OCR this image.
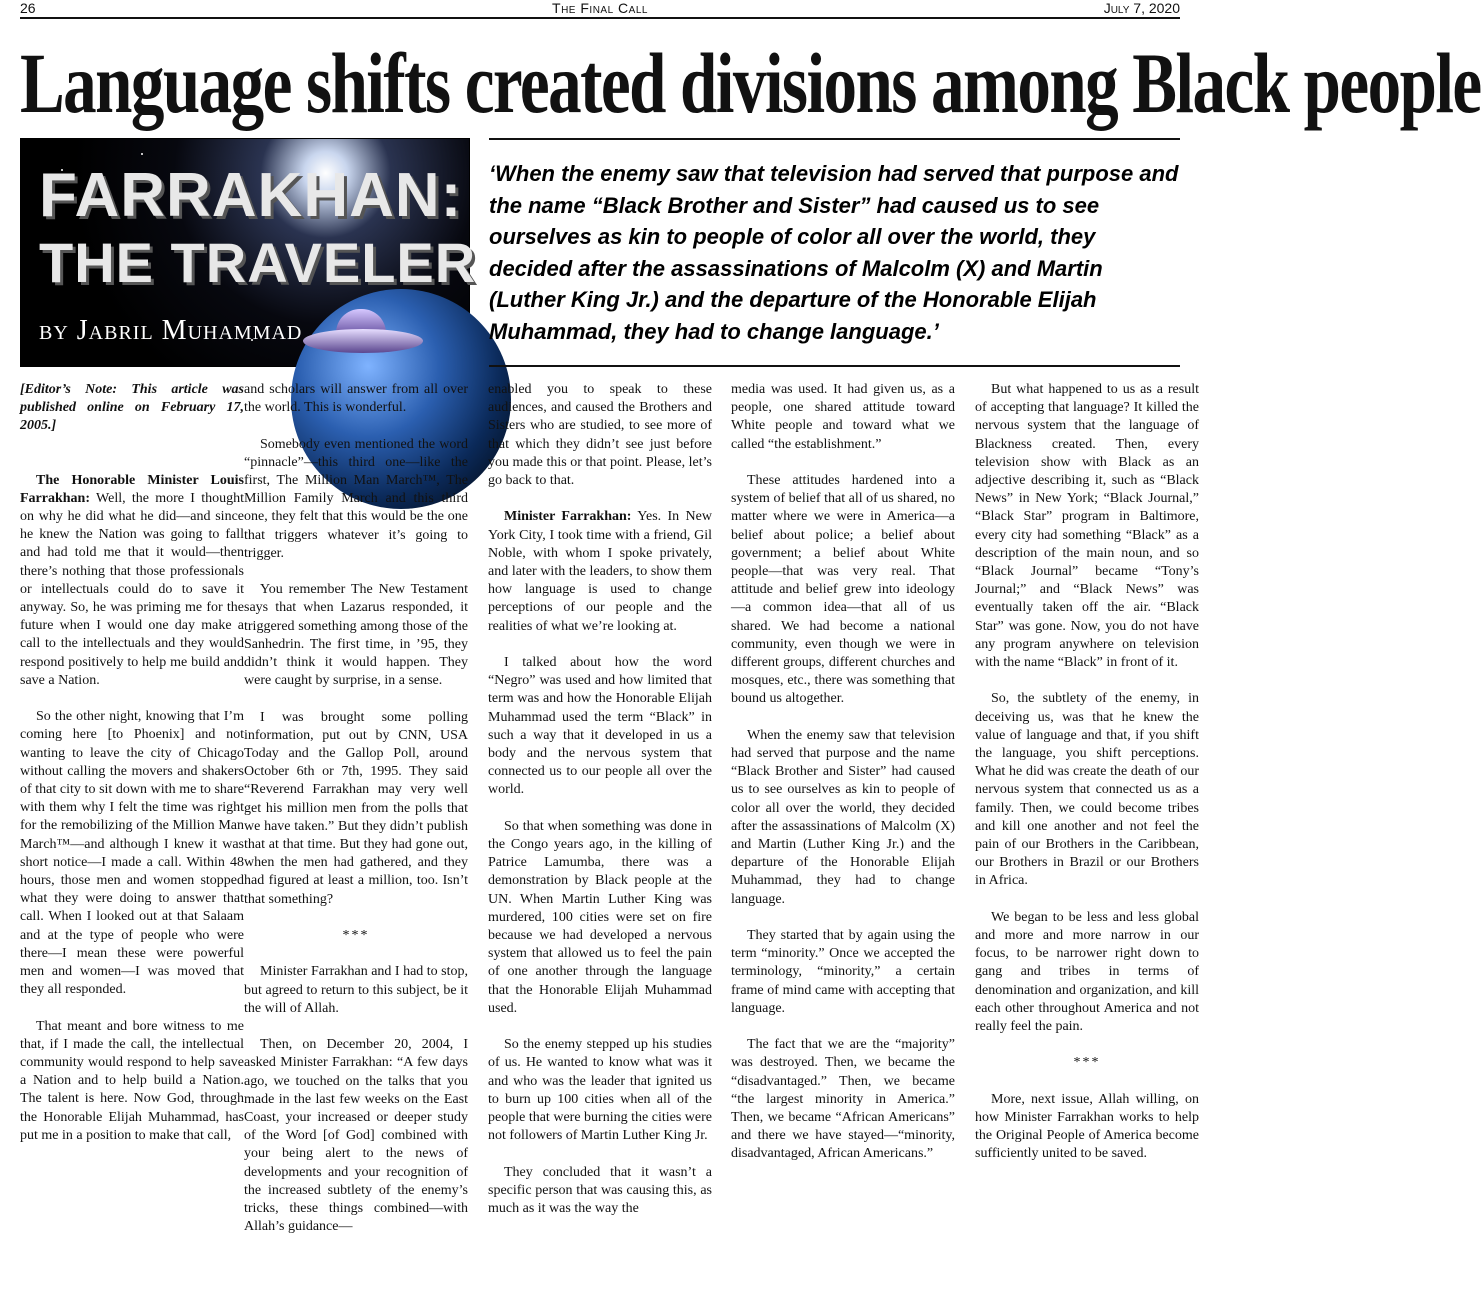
26	The Final Call	July 7, 2020
Language shifts created divisions among Black people
FARRAKHAN:
THE TRAVELER
by Jabril Muhammad
‘When the enemy saw that television had served that purpose and the name “Black Brother and Sister” had caused us to see ourselves as kin to people of color all over the world, they decided after the assassinations of Malcolm (X) and Martin (Luther King Jr.) and the departure of the Honorable Elijah Muhammad, they had to change language.’

[Editor’s Note: This article was published online on February 17, 2005.]

The Honorable Minister Louis Farrakhan: Well, the more I thought on why he did what he did—and since he knew the Nation was going to fall and had told me that it would—then there’s nothing that those professionals or intellectuals could do to save it anyway. So, he was priming me for the future when I would one day make a call to the intellectuals and they would respond positively to help me build and save a Nation.

So the other night, knowing that I’m coming here [to Phoenix] and not wanting to leave the city of Chicago without calling the movers and shakers of that city to sit down with me to share with them why I felt the time was right for the remobilizing of the Million Man March™—and although I knew it was short notice—I made a call. Within 48 hours, those men and women stopped what they were doing to answer that call. When I looked out at that Salaam and at the type of people who were there—I mean these were powerful men and women—I was moved that they all responded.

That meant and bore witness to me that, if I made the call, the intellectual community would respond to help save a Nation and to help build a Nation. The talent is here. Now God, through the Honorable Elijah Muhammad, has put me in a position to make that call,

and scholars will answer from all over the world. This is wonderful.

Somebody even mentioned the word “pinnacle”—this third one—like the first, The Million Man March™, The Million Family March and this third one, they felt that this would be the one that triggers whatever it’s going to trigger.

You remember The New Testament says that when Lazarus responded, it triggered something among those of the Sanhedrin. The first time, in ’95, they didn’t think it would happen. They were caught by surprise, in a sense.

I was brought some polling information, put out by CNN, USA Today and the Gallop Poll, around October 6th or 7th, 1995. They said “Reverend Farrakhan may very well get his million men from the polls that we have taken.” But they didn’t publish that at that time. But they had gone out, when the men had gathered, and they had figured at least a million, too. Isn’t that something?

***

Minister Farrakhan and I had to stop, but agreed to return to this subject, be it the will of Allah.

Then, on December 20, 2004, I asked Minister Farrakhan: “A few days ago, we touched on the talks that you made in the last few weeks on the East Coast, your increased or deeper study of the Word [of God] combined with your being alert to the news of developments and your recognition of the increased subtlety of the enemy’s tricks, these things combined—with Allah’s guidance—

enabled you to speak to these audiences, and caused the Brothers and Sisters who are studied, to see more of that which they didn’t see just before you made this or that point. Please, let’s go back to that.

Minister Farrakhan: Yes. In New York City, I took time with a friend, Gil Noble, with whom I spoke privately, and later with the leaders, to show them how language is used to change perceptions of our people and the realities of what we’re looking at.

I talked about how the word “Negro” was used and how limited that term was and how the Honorable Elijah Muhammad used the term “Black” in such a way that it developed in us a body and the nervous system that connected us to our people all over the world.

So that when something was done in the Congo years ago, in the killing of Patrice Lamumba, there was a demonstration by Black people at the UN. When Martin Luther King was murdered, 100 cities were set on fire because we had developed a nervous system that allowed us to feel the pain of one another through the language that the Honorable Elijah Muhammad used.

So the enemy stepped up his studies of us. He wanted to know what was it and who was the leader that ignited us to burn up 100 cities when all of the people that were burning the cities were not followers of Martin Luther King Jr.

They concluded that it wasn’t a specific person that was causing this, as much as it was the way the

media was used. It had given us, as a people, one shared attitude toward White people and toward what we called “the establishment.”

These attitudes hardened into a system of belief that all of us shared, no matter where we were in America—a belief about police; a belief about government; a belief about White people—that was very real. That attitude and belief grew into ideology—a common idea—that all of us shared. We had become a national community, even though we were in different groups, different churches and mosques, etc., there was something that bound us altogether.

When the enemy saw that television had served that purpose and the name “Black Brother and Sister” had caused us to see ourselves as kin to people of color all over the world, they decided after the assassinations of Malcolm (X) and Martin (Luther King Jr.) and the departure of the Honorable Elijah Muhammad, they had to change language.

They started that by again using the term “minority.” Once we accepted the terminology, “minority,” a certain frame of mind came with accepting that language.

The fact that we are the “majority” was destroyed. Then, we became the “disadvantaged.” Then, we became “the largest minority in America.” Then, we became “African Americans” and there we have stayed—“minority, disadvantaged, African Americans.”

But what happened to us as a result of accepting that language? It killed the nervous system that the language of Blackness created. Then, every television show with Black as an adjective describing it, such as “Black News” in New York; “Black Journal,” “Black Star” program in Baltimore, every city had something “Black” as a description of the main noun, and so “Black Journal” became “Tony’s Journal;” and “Black News” was eventually taken off the air. “Black Star” was gone. Now, you do not have any program anywhere on television with the name “Black” in front of it.

So, the subtlety of the enemy, in deceiving us, was that he knew the value of language and that, if you shift the language, you shift perceptions. What he did was create the death of our nervous system that connected us as a family. Then, we could become tribes and kill one another and not feel the pain of our Brothers in the Caribbean, our Brothers in Brazil or our Brothers in Africa.

We began to be less and less global and more and more narrow in our focus, to be narrower right down to gang and tribes in terms of denomination and organization, and kill each other throughout America and not really feel the pain.

***

More, next issue, Allah willing, on how Minister Farrakhan works to help the Original People of America become sufficiently united to be saved.
